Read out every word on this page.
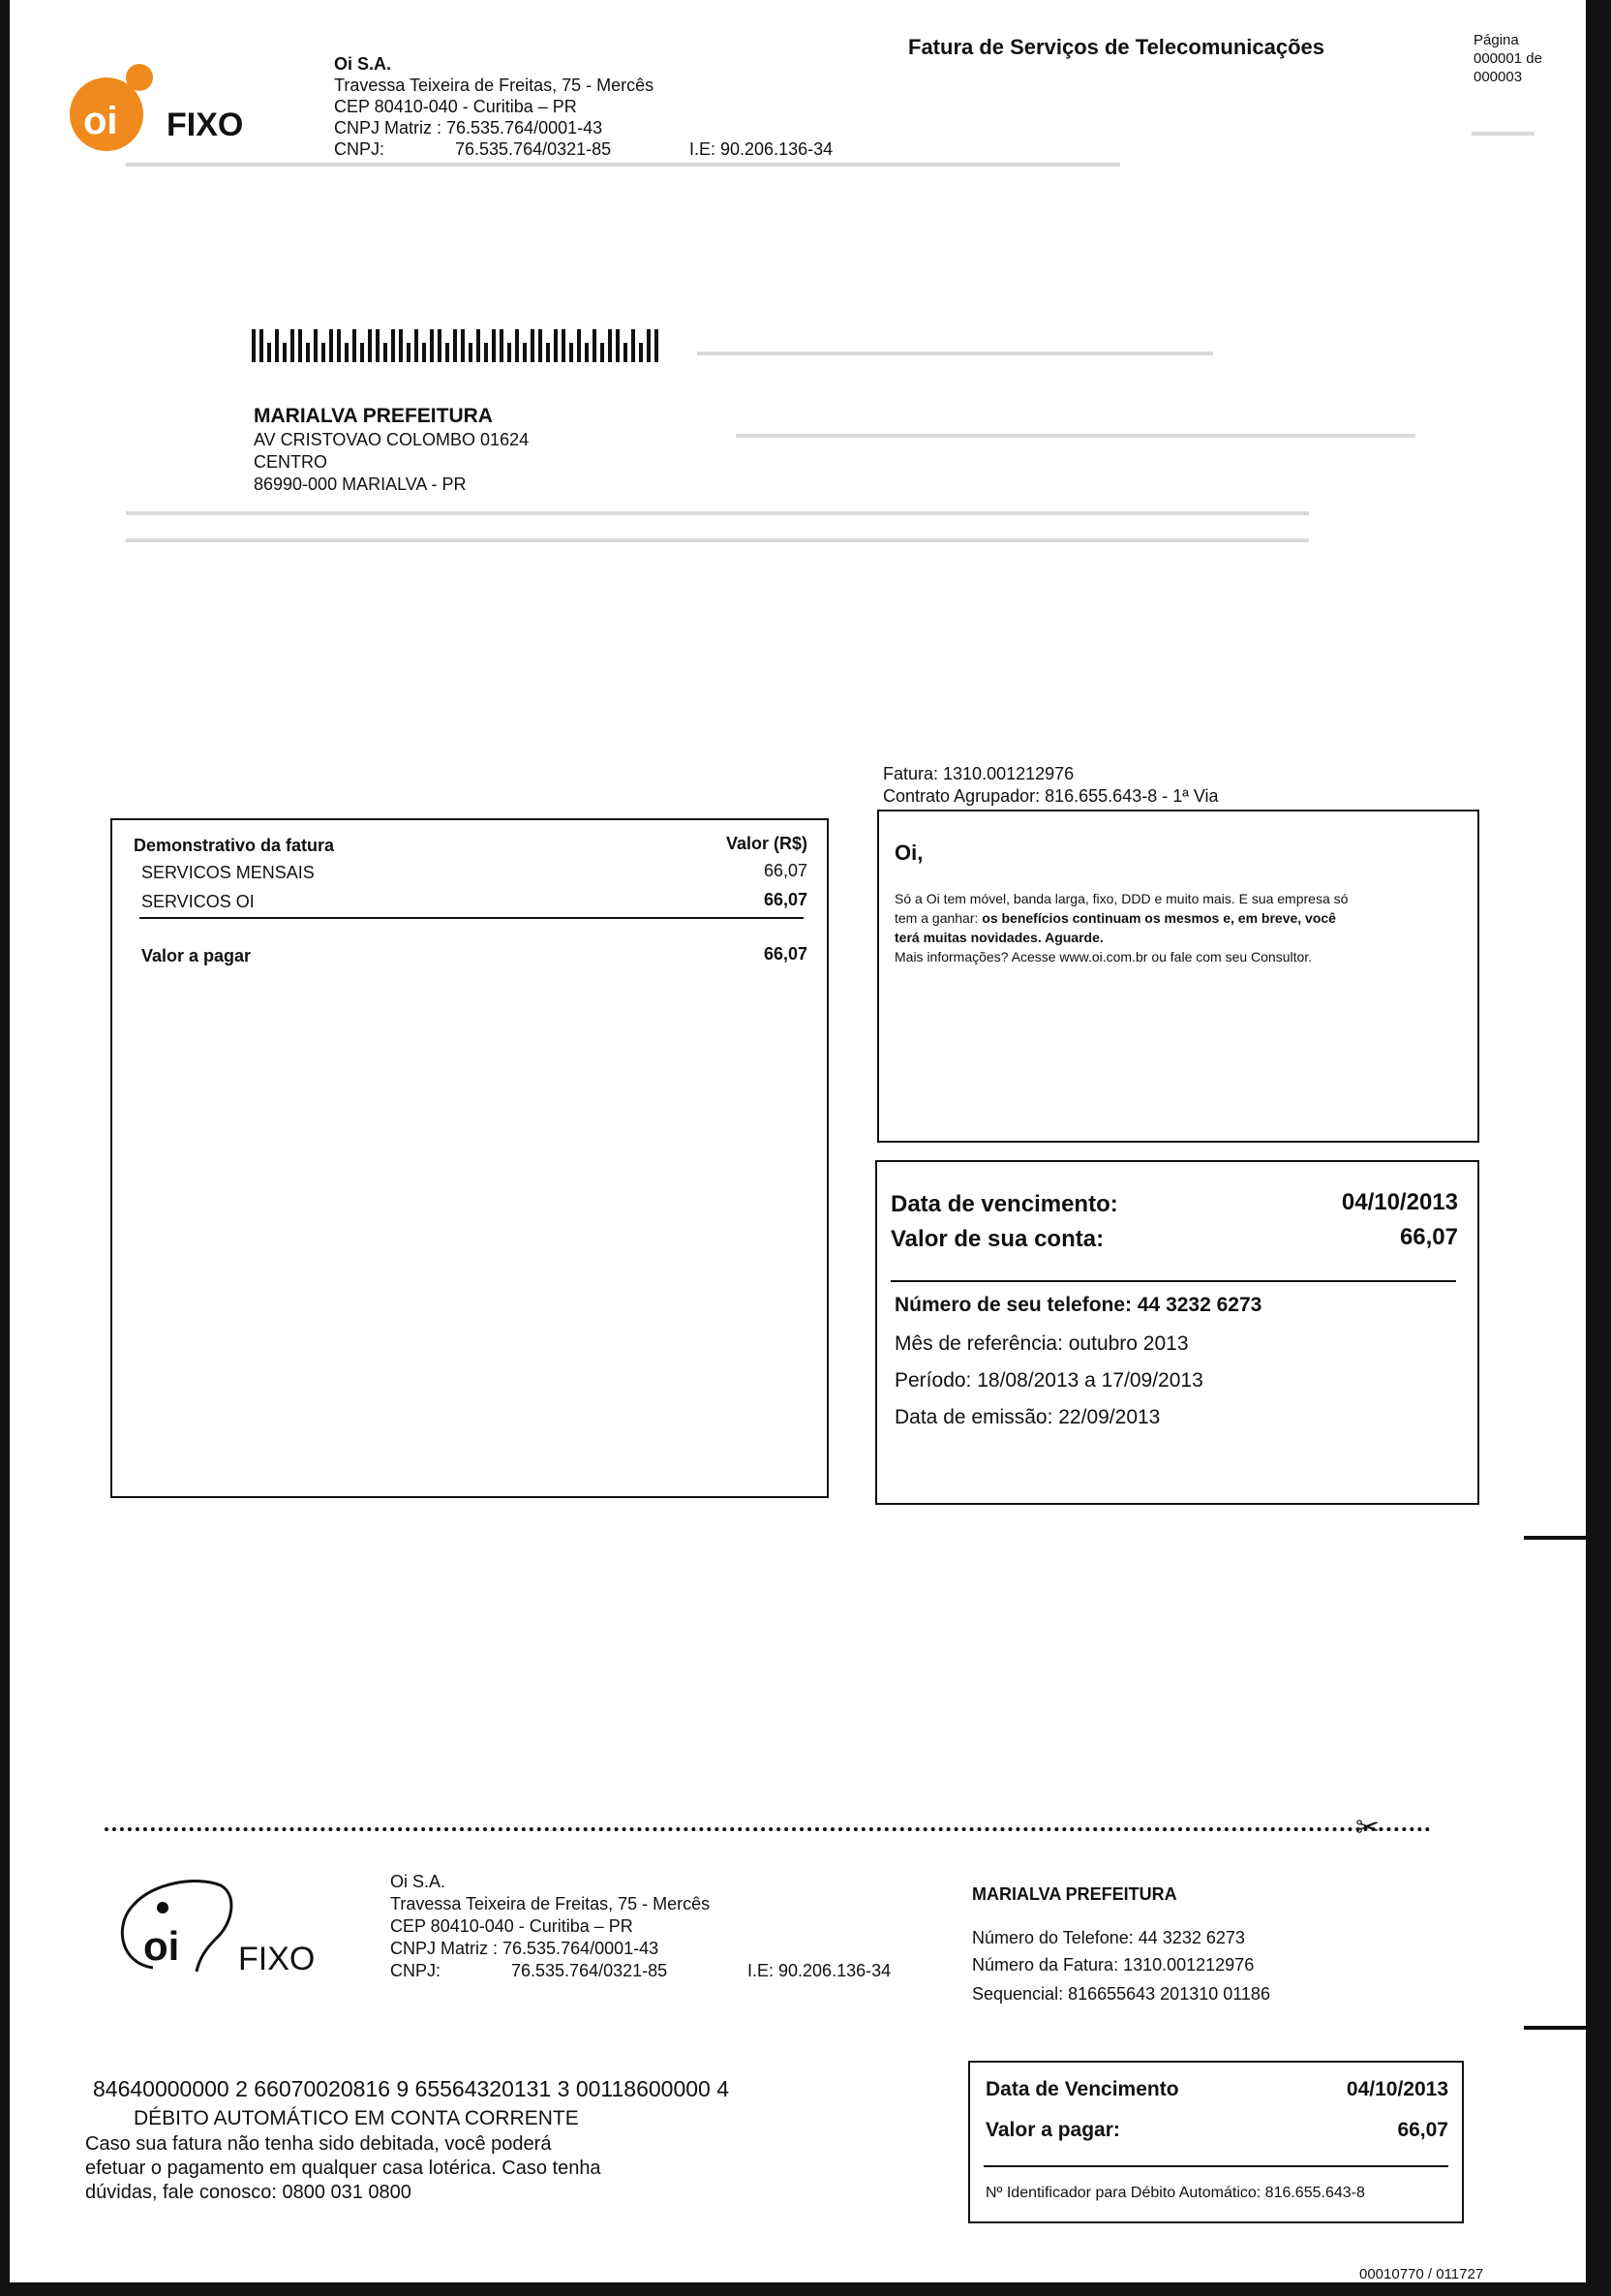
▬▬▬▬▬
▬▬▬▬▬▬▬▬▬▬▬▬▬▬▬▬▬▬▬▬▬▬▬▬▬▬▬▬▬▬▬▬▬▬▬▬▬▬▬▬▬▬▬▬▬▬▬▬▬▬▬▬▬▬▬▬▬▬▬▬▬▬▬▬▬▬▬▬▬▬▬▬▬▬▬▬▬▬▬
▬▬▬▬▬▬▬▬▬▬▬▬▬▬▬▬▬▬▬▬▬▬▬▬▬▬▬▬▬▬▬▬▬▬▬▬▬▬▬▬▬
▬▬▬▬▬▬▬▬▬▬▬▬▬▬▬▬▬▬▬▬▬▬▬▬▬▬▬▬▬▬▬▬▬▬▬▬▬▬▬▬▬▬▬▬▬▬▬▬▬▬▬▬▬▬
▬▬▬▬▬▬▬▬▬▬▬▬▬▬▬▬▬▬▬▬▬▬▬▬▬▬▬▬▬▬▬▬▬▬▬▬▬▬▬▬▬▬▬▬▬▬▬▬▬▬▬▬▬▬▬▬▬▬▬▬▬▬▬▬▬▬▬▬▬▬▬▬▬▬▬▬▬▬▬▬▬▬▬▬▬▬▬▬▬▬▬▬▬▬
▬▬▬▬▬▬▬▬▬▬▬▬▬▬▬▬▬▬▬▬▬▬▬▬▬▬▬▬▬▬▬▬▬▬▬▬▬▬▬▬▬▬▬▬▬▬▬▬▬▬▬▬▬▬▬▬▬▬▬▬▬▬▬▬▬▬▬▬▬▬▬▬▬▬▬▬▬▬▬▬▬▬▬▬▬▬▬▬▬▬▬▬▬▬
oi FIXO
Oi S.A.
Travessa Teixeira de Freitas, 75 - Mercês
CEP 80410-040 - Curitiba – PR
CNPJ Matriz : 76.535.764/0001-43
CNPJ:	76.535.764/0321-85	I.E: 90.206.136-34
Fatura de Serviços de Telecomunicações	Página
000001 de
000003
MARIALVA PREFEITURA
AV CRISTOVAO COLOMBO 01624
CENTRO
86990-000 MARIALVA - PR
Fatura: 1310.001212976
Contrato Agrupador: 816.655.643-8 - 1ª Via
Demonstrativo da fatura	Valor (R$)
SERVICOS MENSAIS	66,07
SERVICOS OI	66,07
Valor a pagar	66,07
Oi,
Só a Oi tem móvel, banda larga, fixo, DDD e muito mais. E sua empresa só
tem a ganhar: os benefícios continuam os mesmos e, em breve, você
terá muitas novidades. Aguarde.
Mais informações? Acesse www.oi.com.br ou fale com seu Consultor.
Data de vencimento:	04/10/2013
Valor de sua conta:	66,07
Número de seu telefone: 44 3232 6273
Mês de referência: outubro 2013
Período: 18/08/2013 a 17/09/2013
Data de emissão: 22/09/2013
✂
oi FIXO
Oi S.A.
Travessa Teixeira de Freitas, 75 - Mercês
CEP 80410-040 - Curitiba – PR
CNPJ Matriz : 76.535.764/0001-43
CNPJ:	76.535.764/0321-85	I.E: 90.206.136-34
MARIALVA PREFEITURA
Número do Telefone: 44 3232 6273
Número da Fatura: 1310.001212976
Sequencial: 816655643 201310 01186
84640000000 2 66070020816 9 65564320131 3 00118600000 4
DÉBITO AUTOMÁTICO EM CONTA CORRENTE
Caso sua fatura não tenha sido debitada, você poderá
efetuar o pagamento em qualquer casa lotérica. Caso tenha
dúvidas, fale conosco: 0800 031 0800
Data de Vencimento	04/10/2013
Valor a pagar:	66,07
Nº Identificador para Débito Automático: 816.655.643-8
00010770 / 011727
